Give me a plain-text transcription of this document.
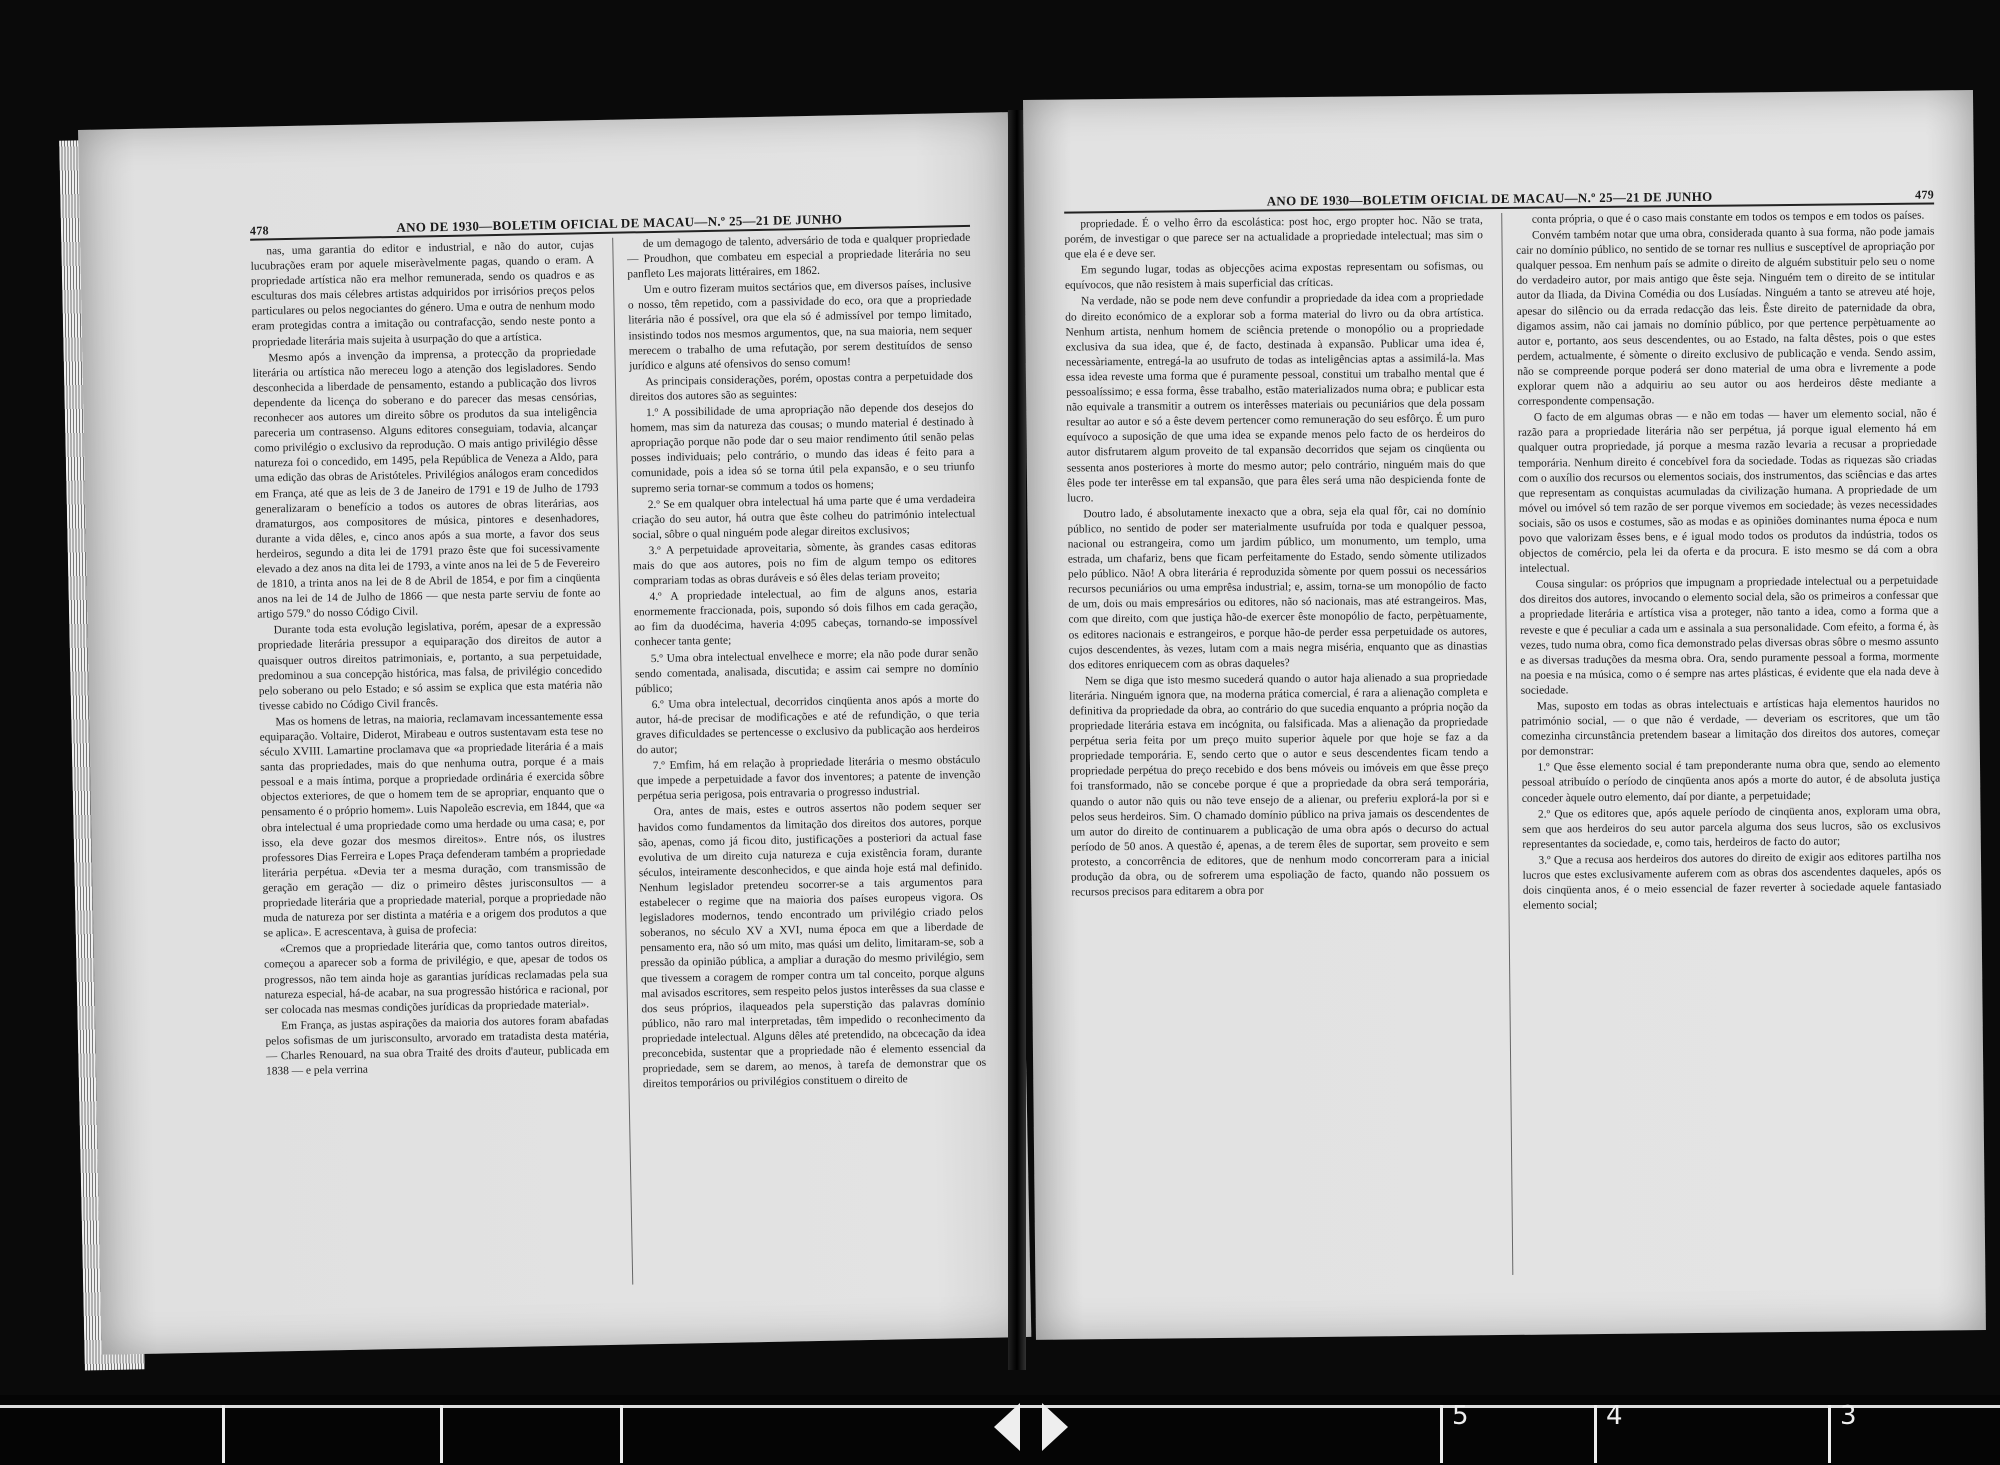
478	ANO DE 1930—BOLETIM OFICIAL DE MACAU—N.º 25—21 DE JUNHO

nas, uma garantia do editor e industrial, e não do autor, cujas lucubrações eram por aquele miseràvelmente pagas, quando o eram. A propriedade artística não era melhor remunerada, sendo os quadros e as esculturas dos mais célebres artistas adquiridos por irrisórios preços pelos particulares ou pelos negociantes do género. Uma e outra de nenhum modo eram protegidas contra a imitação ou contrafacção, sendo neste ponto a propriedade literária mais sujeita à usurpação do que a artística.

Mesmo após a invenção da imprensa, a protecção da propriedade literária ou artística não mereceu logo a atenção dos legisladores. Sendo desconhecida a liberdade de pensamento, estando a publicação dos livros dependente da licença do soberano e do parecer das mesas censórias, reconhecer aos autores um direito sôbre os produtos da sua inteligência pareceria um contrasenso. Alguns editores conseguiam, todavia, alcançar como privilégio o exclusivo da reprodução. O mais antigo privilégio dêsse natureza foi o concedido, em 1495, pela República de Veneza a Aldo, para uma edição das obras de Aristóteles. Privilégios análogos eram concedidos em França, até que as leis de 3 de Janeiro de 1791 e 19 de Julho de 1793 generalizaram o benefício a todos os autores de obras literárias, aos dramaturgos, aos compositores de música, pintores e desenhadores, durante a vida dêles, e, cinco anos após a sua morte, a favor dos seus herdeiros, segundo a dita lei de 1791 prazo êste que foi sucessivamente elevado a dez anos na dita lei de 1793, a vinte anos na lei de 5 de Fevereiro de 1810, a trinta anos na lei de 8 de Abril de 1854, e por fim a cinqüenta anos na lei de 14 de Julho de 1866 — que nesta parte serviu de fonte ao artigo 579.º do nosso Código Civil.

Durante toda esta evolução legislativa, porém, apesar de a expressão propriedade literária pressupor a equiparação dos direitos de autor a quaisquer outros direitos patrimoniais, e, portanto, a sua perpetuidade, predominou a sua concepção histórica, mas falsa, de privilégio concedido pelo soberano ou pelo Estado; e só assim se explica que esta matéria não tivesse cabido no Código Civil francês.

Mas os homens de letras, na maioria, reclamavam incessantemente essa equiparação. Voltaire, Diderot, Mirabeau e outros sustentavam esta tese no século XVIII. Lamartine proclamava que «a propriedade literária é a mais santa das propriedades, mais do que nenhuma outra, porque é a mais pessoal e a mais íntima, porque a propriedade ordinária é exercida sôbre objectos exteriores, de que o homem tem de se apropriar, enquanto que o pensamento é o próprio homem». Luis Napoleão escrevia, em 1844, que «a obra intelectual é uma propriedade como uma herdade ou uma casa; e, por isso, ela deve gozar dos mesmos direitos». Entre nós, os ilustres professores Dias Ferreira e Lopes Praça defenderam também a propriedade literária perpétua. «Devia ter a mesma duração, com transmissão de geração em geração — diz o primeiro dêstes jurisconsultos — a propriedade literária que a propriedade material, porque a propriedade não muda de natureza por ser distinta a matéria e a origem dos produtos a que se aplica». E acrescentava, à guisa de profecia:

«Cremos que a propriedade literária que, como tantos outros direitos, começou a aparecer sob a forma de privilégio, e que, apesar de todos os progressos, não tem ainda hoje as garantias jurídicas reclamadas pela sua natureza especial, há-de acabar, na sua progressão histórica e racional, por ser colocada nas mesmas condições jurídicas da propriedade material».

Em França, as justas aspirações da maioria dos autores foram abafadas pelos sofismas de um jurisconsulto, arvorado em tratadista desta matéria, — Charles Renouard, na sua obra Traité des droits d'auteur, publicada em 1838 — e pela verrina

de um demagogo de talento, adversário de toda e qualquer propriedade — Proudhon, que combateu em especial a propriedade literária no seu panfleto Les majorats littéraires, em 1862.

Um e outro fizeram muitos sectários que, em diversos países, inclusive o nosso, têm repetido, com a passividade do eco, ora que a propriedade literária não é possível, ora que ela só é admissível por tempo limitado, insistindo todos nos mesmos argumentos, que, na sua maioria, nem sequer merecem o trabalho de uma refutação, por serem destituídos de senso jurídico e alguns até ofensivos do senso comum!

As principais considerações, porém, opostas contra a perpetuidade dos direitos dos autores são as seguintes:

1.º A possibilidade de uma apropriação não depende dos desejos do homem, mas sim da natureza das cousas; o mundo material é destinado à apropriação porque não pode dar o seu maior rendimento útil senão pelas posses individuais; pelo contrário, o mundo das ideas é feito para a comunidade, pois a idea só se torna útil pela expansão, e o seu triunfo supremo seria tornar-se commum a todos os homens;

2.º Se em qualquer obra intelectual há uma parte que é uma verdadeira criação do seu autor, há outra que êste colheu do património intelectual social, sôbre o qual ninguém pode alegar direitos exclusivos;

3.º A perpetuidade aproveitaria, sòmente, às grandes casas editoras mais do que aos autores, pois no fim de algum tempo os editores comprariam todas as obras duráveis e só êles delas teriam proveito;

4.º A propriedade intelectual, ao fim de alguns anos, estaria enormemente fraccionada, pois, supondo só dois filhos em cada geração, ao fim da duodécima, haveria 4:095 cabeças, tornando-se impossível conhecer tanta gente;

5.º Uma obra intelectual envelhece e morre; ela não pode durar senão sendo comentada, analisada, discutida; e assim cai sempre no domínio público;

6.º Uma obra intelectual, decorridos cinqüenta anos após a morte do autor, há-de precisar de modificações e até de refundição, o que teria graves dificuldades se pertencesse o exclusivo da publicação aos herdeiros do autor;

7.º Emfim, há em relação à propriedade literária o mesmo obstáculo que impede a perpetuidade a favor dos inventores; a patente de invenção perpétua seria perigosa, pois entravaria o progresso industrial.

Ora, antes de mais, estes e outros assertos não podem sequer ser havidos como fundamentos da limitação dos direitos dos autores, porque são, apenas, como já ficou dito, justificações a posteriori da actual fase evolutiva de um direito cuja natureza e cuja existência foram, durante séculos, inteiramente desconhecidos, e que ainda hoje está mal definido. Nenhum legislador pretendeu socorrer-se a tais argumentos para estabelecer o regime que na maioria dos países europeus vigora. Os legisladores modernos, tendo encontrado um privilégio criado pelos soberanos, no século XV a XVI, numa época em que a liberdade de pensamento era, não só um mito, mas quási um delito, limitaram-se, sob a pressão da opinião pública, a ampliar a duração do mesmo privilégio, sem que tivessem a coragem de romper contra um tal conceito, porque alguns mal avisados escritores, sem respeito pelos justos interêsses da sua classe e dos seus próprios, ilaqueados pela superstição das palavras domínio público, não raro mal interpretadas, têm impedido o reconhecimento da propriedade intelectual. Alguns dêles até pretendido, na obcecação da idea preconcebida, sustentar que a propriedade não é elemento essencial da propriedade, sem se darem, ao menos, à tarefa de demonstrar que os direitos temporários ou privilégios constituem o direito de

ANO DE 1930—BOLETIM OFICIAL DE MACAU—N.º 25—21 DE JUNHO	479

propriedade. É o velho êrro da escolástica: post hoc, ergo propter hoc. Não se trata, porém, de investigar o que parece ser na actualidade a propriedade intelectual; mas sim o que ela é e deve ser.

Em segundo lugar, todas as objecções acima expostas representam ou sofismas, ou equívocos, que não resistem à mais superficial das críticas.

Na verdade, não se pode nem deve confundir a propriedade da idea com a propriedade do direito económico de a explorar sob a forma material do livro ou da obra artística. Nenhum artista, nenhum homem de sciência pretende o monopólio ou a propriedade exclusiva da sua idea, que é, de facto, destinada à expansão. Publicar uma idea é, necessàriamente, entregá-la ao usufruto de todas as inteligências aptas a assimilá-la. Mas essa idea reveste uma forma que é puramente pessoal, constitui um trabalho mental que é pessoalíssimo; e essa forma, êsse trabalho, estão materializados numa obra; e publicar esta não equivale a transmitir a outrem os interêsses materiais ou pecuniários que dela possam resultar ao autor e só a êste devem pertencer como remuneração do seu esfôrço. É um puro equívoco a suposição de que uma idea se expande menos pelo facto de os herdeiros do autor disfrutarem algum proveito de tal expansão decorridos que sejam os cinqüenta ou sessenta anos posteriores à morte do mesmo autor; pelo contrário, ninguém mais do que êles pode ter interêsse em tal expansão, que para êles será uma não despicienda fonte de lucro.

Doutro lado, é absolutamente inexacto que a obra, seja ela qual fôr, cai no domínio público, no sentido de poder ser materialmente usufruída por toda e qualquer pessoa, nacional ou estrangeira, como um jardim público, um monumento, um templo, uma estrada, um chafariz, bens que ficam perfeitamente do Estado, sendo sòmente utilizados pelo público. Não! A obra literária é reproduzida sòmente por quem possui os necessários recursos pecuniários ou uma emprêsa industrial; e, assim, torna-se um monopólio de facto de um, dois ou mais empresários ou editores, não só nacionais, mas até estrangeiros. Mas, com que direito, com que justiça hão-de exercer êste monopólio de facto, perpètuamente, os editores nacionais e estrangeiros, e porque hão-de perder essa perpetuidade os autores, cujos descendentes, às vezes, lutam com a mais negra miséria, enquanto que as dinastias dos editores enriquecem com as obras daqueles?

Nem se diga que isto mesmo sucederá quando o autor haja alienado a sua propriedade literária. Ninguém ignora que, na moderna prática comercial, é rara a alienação completa e definitiva da propriedade da obra, ao contrário do que sucedia enquanto a própria noção da propriedade literária estava em incógnita, ou falsificada. Mas a alienação da propriedade perpétua seria feita por um preço muito superior àquele por que hoje se faz a da propriedade temporária. E, sendo certo que o autor e seus descendentes ficam tendo a propriedade perpétua do preço recebido e dos bens móveis ou imóveis em que êsse preço foi transformado, não se concebe porque é que a propriedade da obra será temporária, quando o autor não quis ou não teve ensejo de a alienar, ou preferiu explorá-la por si e pelos seus herdeiros. Sim. O chamado domínio público na priva jamais os descendentes de um autor do direito de continuarem a publicação de uma obra após o decurso do actual período de 50 anos. A questão é, apenas, a de terem êles de suportar, sem proveito e sem protesto, a concorrência de editores, que de nenhum modo concorreram para a inicial produção da obra, ou de sofrerem uma espoliação de facto, quando não possuem os recursos precisos para editarem a obra por

conta própria, o que é o caso mais constante em todos os tempos e em todos os países.

Convém também notar que uma obra, considerada quanto à sua forma, não pode jamais cair no domínio público, no sentido de se tornar res nullius e susceptível de apropriação por qualquer pessoa. Em nenhum país se admite o direito de alguém substituir pelo seu o nome do verdadeiro autor, por mais antigo que êste seja. Ninguém tem o direito de se intitular autor da Iliada, da Divina Comédia ou dos Lusíadas. Ninguém a tanto se atreveu até hoje, apesar do silêncio ou da errada redacção das leis. Êste direito de paternidade da obra, digamos assim, não cai jamais no domínio público, por que pertence perpètuamente ao autor e, portanto, aos seus descendentes, ou ao Estado, na falta dêstes, pois o que estes perdem, actualmente, é sòmente o direito exclusivo de publicação e venda. Sendo assim, não se compreende porque poderá ser dono material de uma obra e livremente a pode explorar quem não a adquiriu ao seu autor ou aos herdeiros dêste mediante a correspondente compensação.

O facto de em algumas obras — e não em todas — haver um elemento social, não é razão para a propriedade literária não ser perpétua, já porque igual elemento há em qualquer outra propriedade, já porque a mesma razão levaria a recusar a propriedade temporária. Nenhum direito é concebível fora da sociedade. Todas as riquezas são criadas com o auxílio dos recursos ou elementos sociais, dos instrumentos, das sciências e das artes que representam as conquistas acumuladas da civilização humana. A propriedade de um móvel ou imóvel só tem razão de ser porque vivemos em sociedade; às vezes necessidades sociais, são os usos e costumes, são as modas e as opiniões dominantes numa época e num povo que valorizam êsses bens, e é igual modo todos os produtos da indústria, todos os objectos de comércio, pela lei da oferta e da procura. E isto mesmo se dá com a obra intelectual.

Cousa singular: os próprios que impugnam a propriedade intelectual ou a perpetuidade dos direitos dos autores, invocando o elemento social dela, são os primeiros a confessar que a propriedade literária e artística visa a proteger, não tanto a idea, como a forma que a reveste e que é peculiar a cada um e assinala a sua personalidade. Com efeito, a forma é, às vezes, tudo numa obra, como fica demonstrado pelas diversas obras sôbre o mesmo assunto e as diversas traduções da mesma obra. Ora, sendo puramente pessoal a forma, mormente na poesia e na música, como o é sempre nas artes plásticas, é evidente que ela nada deve à sociedade.

Mas, suposto em todas as obras intelectuais e artísticas haja elementos hauridos no património social, — o que não é verdade, — deveriam os escritores, que um tão comezinha circunstância pretendem basear a limitação dos direitos dos autores, começar por demonstrar:

1.º Que êsse elemento social é tam preponderante numa obra que, sendo ao elemento pessoal atribuído o período de cinqüenta anos após a morte do autor, é de absoluta justiça conceder àquele outro elemento, daí por diante, a perpetuidade;

2.º Que os editores que, após aquele período de cinqüenta anos, exploram uma obra, sem que aos herdeiros do seu autor parcela alguma dos seus lucros, são os exclusivos representantes da sociedade, e, como tais, herdeiros de facto do autor;

3.º Que a recusa aos herdeiros dos autores do direito de exigir aos editores partilha nos lucros que estes exclusivamente auferem com as obras dos ascendentes daqueles, após os dois cinqüenta anos, é o meio essencial de fazer reverter à sociedade aquele fantasiado elemento social;

5	4	3
